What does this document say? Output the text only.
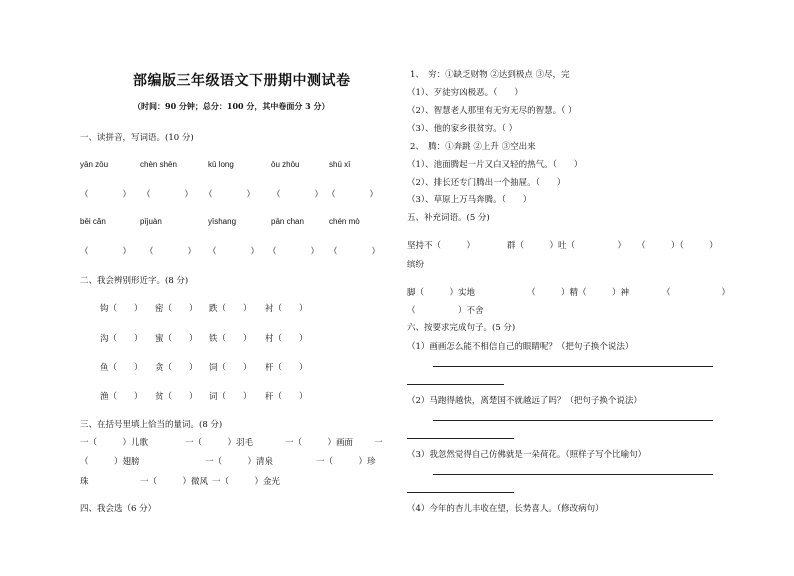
部编版三年级语文下册期中测试卷
（时间：90 分钟；总分：100 分，其中卷面分 3 分）
一、读拼音，写词语。(10 分)
yān zōu	chèn shēn	kū long	ōu zhōu	shū xī
（　　　　） （　　　　） （　　　　） （　　　　） （　　　　）
bēi cǎn	pījuàn	yīshang	pān chan	chén mò
（　　　　） （　　　　） （　　　　） （　　　　） （　　　　）
二、我会辨别形近字。(8 分)
钩（　　） 密（　　） 跌（　　） 衬（　　）
沟（　　） 蜜（　　） 铁（　　） 村（　　）
鱼（　　） 贪（　　） 饲（　　） 杆（　　）
渔（　　） 贫（　　） 词（　　） 秆（　　）
三、在括号里填上恰当的量词。(8 分)
一（　　　）儿歌	一（　　　）羽毛	一（　　　）画面 一
（　　　）翅膀	一（　　　）清泉	一（　　　）珍
珠	一（　　　）微风 一（　　　）金光
四、我会选（6 分）
1、　穷：①缺乏财物 ②达到极点 ③尽，完
（1）、歹徒穷凶极恶。（　　）
（2）、智慧老人那里有无穷无尽的智慧。（ ）
（3）、他的家乡很贫穷。（ ）
2、　腾：①奔跳 ②上升 ③空出来
（1）、池面腾起一片又白又轻的热气。（　　）
（2）、排长还专门腾出一个抽屉。（　　）
（3）、草原上万马奔腾。（　　）
五、补充词语。(5 分)
坚持不（　　　）	群（　　　）吐（　　　　　） （　　　）（　　　）
缤纷
脚（　　　）实地	（　　　）精（　　　）神	（　　　　　　）
（　　　　　）不舍
六、按要求完成句子。(5 分)
（1）画画怎么能不相信自己的眼睛呢？（把句子换个说法）
（2）马跑得越快，离楚国不就越远了吗？（把句子换个说法）
（3）我忽然觉得自己仿佛就是一朵荷花。（照样子写个比喻句）
（4）今年的杏儿丰收在望，长势喜人。（修改病句）
